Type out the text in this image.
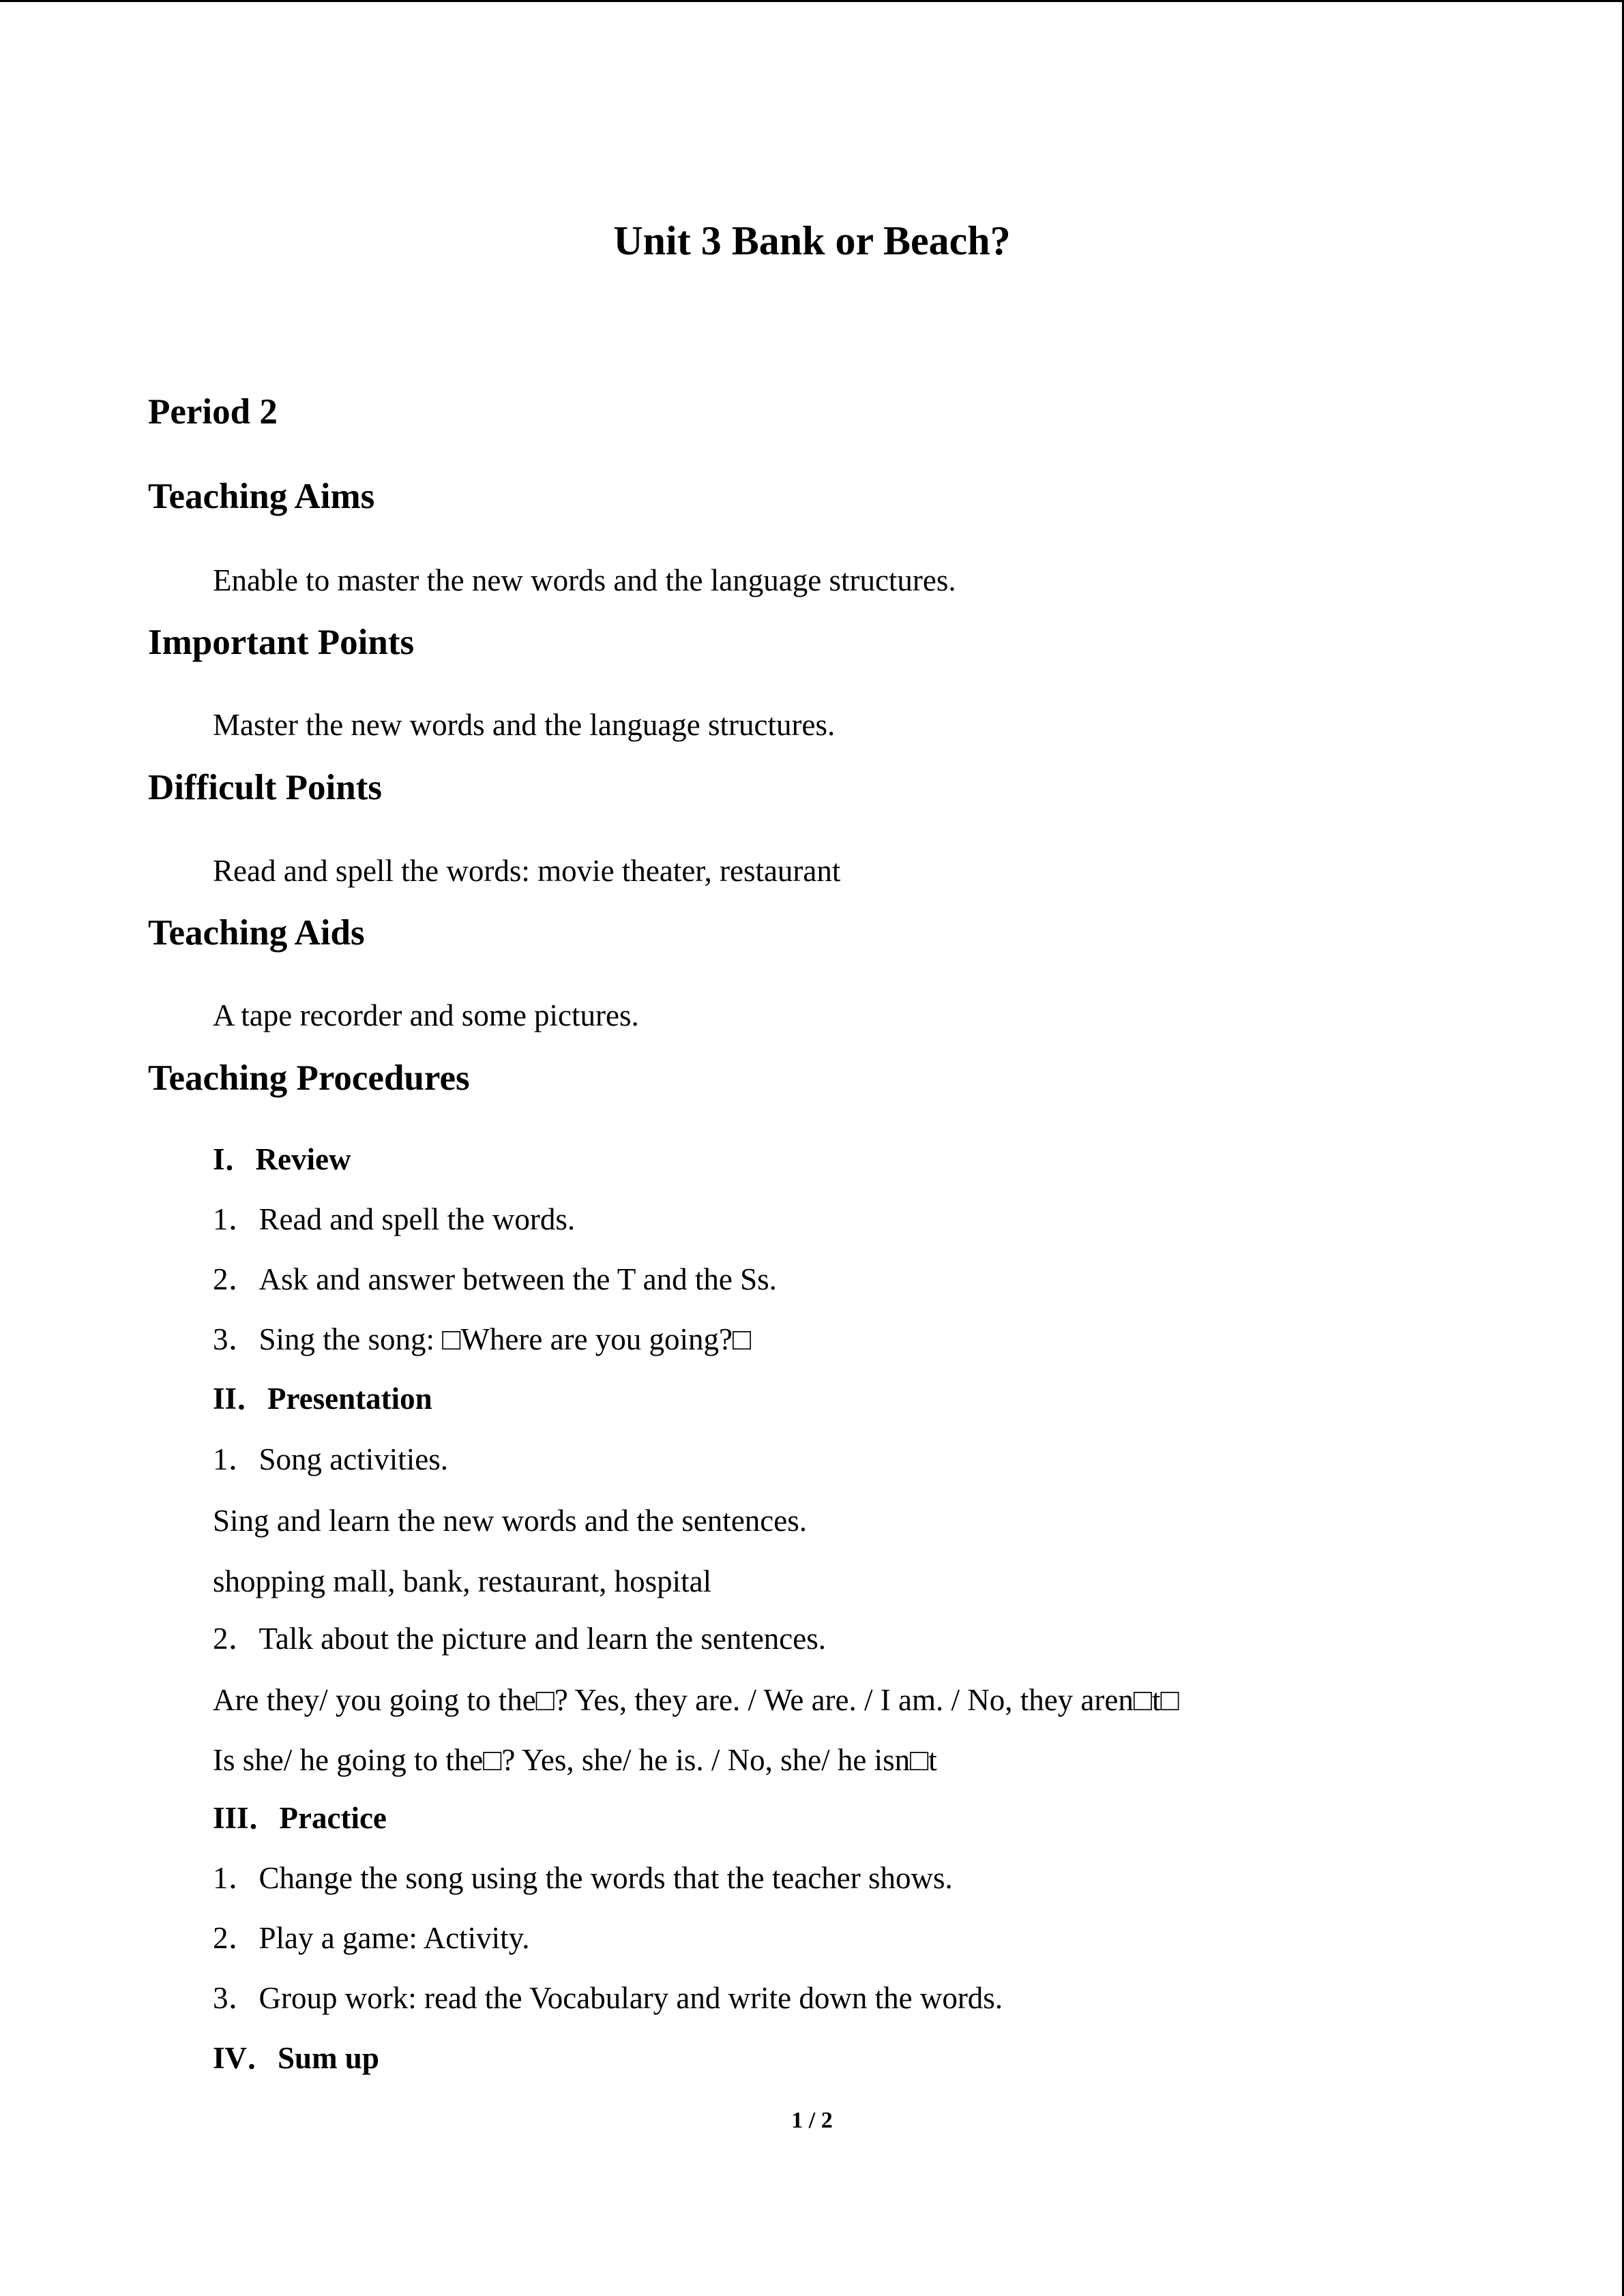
Unit 3 Bank or Beach?
Period 2
Teaching Aims
Enable to master the new words and the language structures.
Important Points
Master the new words and the language structures.
Difficult Points
Read and spell the words: movie theater, restaurant
Teaching Aids
A tape recorder and some pictures.
Teaching Procedures
I．Review
1．Read and spell the words.
2．Ask and answer between the T and the Ss.
3．Sing the song: □Where are you going?□
II．Presentation
1．Song activities.
Sing and learn the new words and the sentences.
shopping mall, bank, restaurant, hospital
2．Talk about the picture and learn the sentences.
Are they/ you going to the□? Yes, they are. / We are. / I am. / No, they aren□t□
Is she/ he going to the□? Yes, she/ he is. / No, she/ he isn□t
III．Practice
1．Change the song using the words that the teacher shows.
2．Play a game: Activity.
3．Group work: read the Vocabulary and write down the words.
IV．Sum up
1 / 2
